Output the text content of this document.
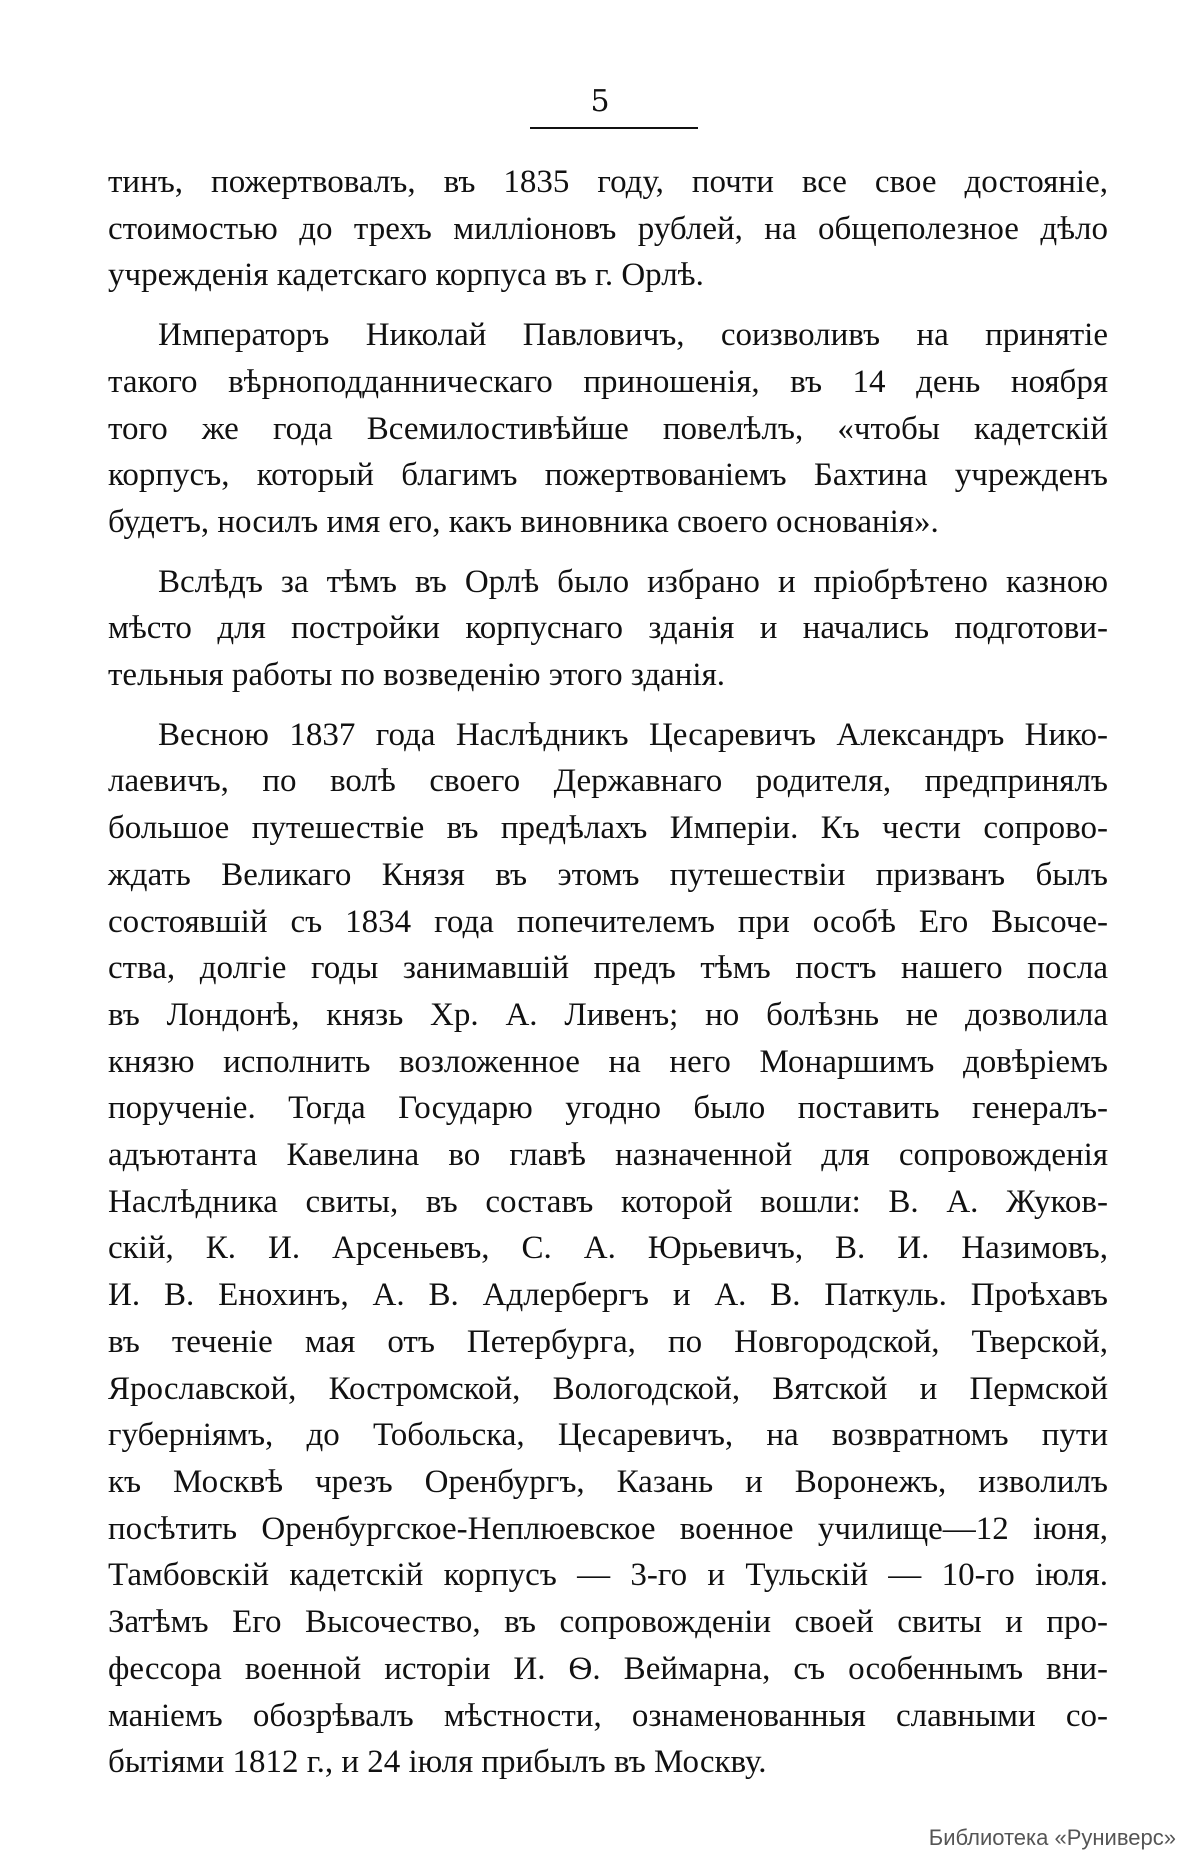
5
тинъ, пожертвовалъ, въ 1835 году, почти все свое достояніе,
стоимостью до трехъ милліоновъ рублей, на общеполезное дѣло
учрежденія кадетскаго корпуса въ г. Орлѣ.
Императоръ Николай Павловичъ, соизволивъ на принятіе
такого вѣрноподданническаго приношенія, въ 14 день ноября
того же года Всемилостивѣйше повелѣлъ, «чтобы кадетскій
корпусъ, который благимъ пожертвованіемъ Бахтина учрежденъ
будетъ, носилъ имя его, какъ виновника своего основанія».
Вслѣдъ за тѣмъ въ Орлѣ было избрано и пріобрѣтено казною
мѣсто для постройки корпуснаго зданія и начались подготови-
тельныя работы по возведенію этого зданія.
Весною 1837 года Наслѣдникъ Цесаревичъ Александръ Нико-
лаевичъ, по волѣ своего Державнаго родителя, предпринялъ
большое путешествіе въ предѣлахъ Имперіи. Къ чести сопрово-
ждать Великаго Князя въ этомъ путешествіи призванъ былъ
состоявшій съ 1834 года попечителемъ при особѣ Его Высоче-
ства, долгіе годы занимавшій предъ тѣмъ постъ нашего посла
въ Лондонѣ, князь Хр. А. Ливенъ; но болѣзнь не дозволила
князю исполнить возложенное на него Монаршимъ довѣріемъ
порученіе. Тогда Государю угодно было поставить генералъ-
адъютанта Кавелина во главѣ назначенной для сопровожденія
Наслѣдника свиты, въ составъ которой вошли: В. А. Жуков-
скій, К. И. Арсеньевъ, С. А. Юрьевичъ, В. И. Назимовъ,
И. В. Енохинъ, А. В. Адлербергъ и А. В. Паткуль. Проѣхавъ
въ теченіе мая отъ Петербурга, по Новгородской, Тверской,
Ярославской, Костромской, Вологодской, Вятской и Пермской
губерніямъ, до Тобольска, Цесаревичъ, на возвратномъ пути
къ Москвѣ чрезъ Оренбургъ, Казань и Воронежъ, изволилъ
посѣтить Оренбургское-Неплюевское военное училище—12 іюня,
Тамбовскій кадетскій корпусъ — 3-го и Тульскій — 10-го іюля.
Затѣмъ Его Высочество, въ сопровожденіи своей свиты и про-
фессора военной исторіи И. Ѳ. Веймарна, съ особеннымъ вни-
маніемъ обозрѣвалъ мѣстности, ознаменованныя славными со-
бытіями 1812 г., и 24 іюля прибылъ въ Москву.
Библиотека «Руниверс»
